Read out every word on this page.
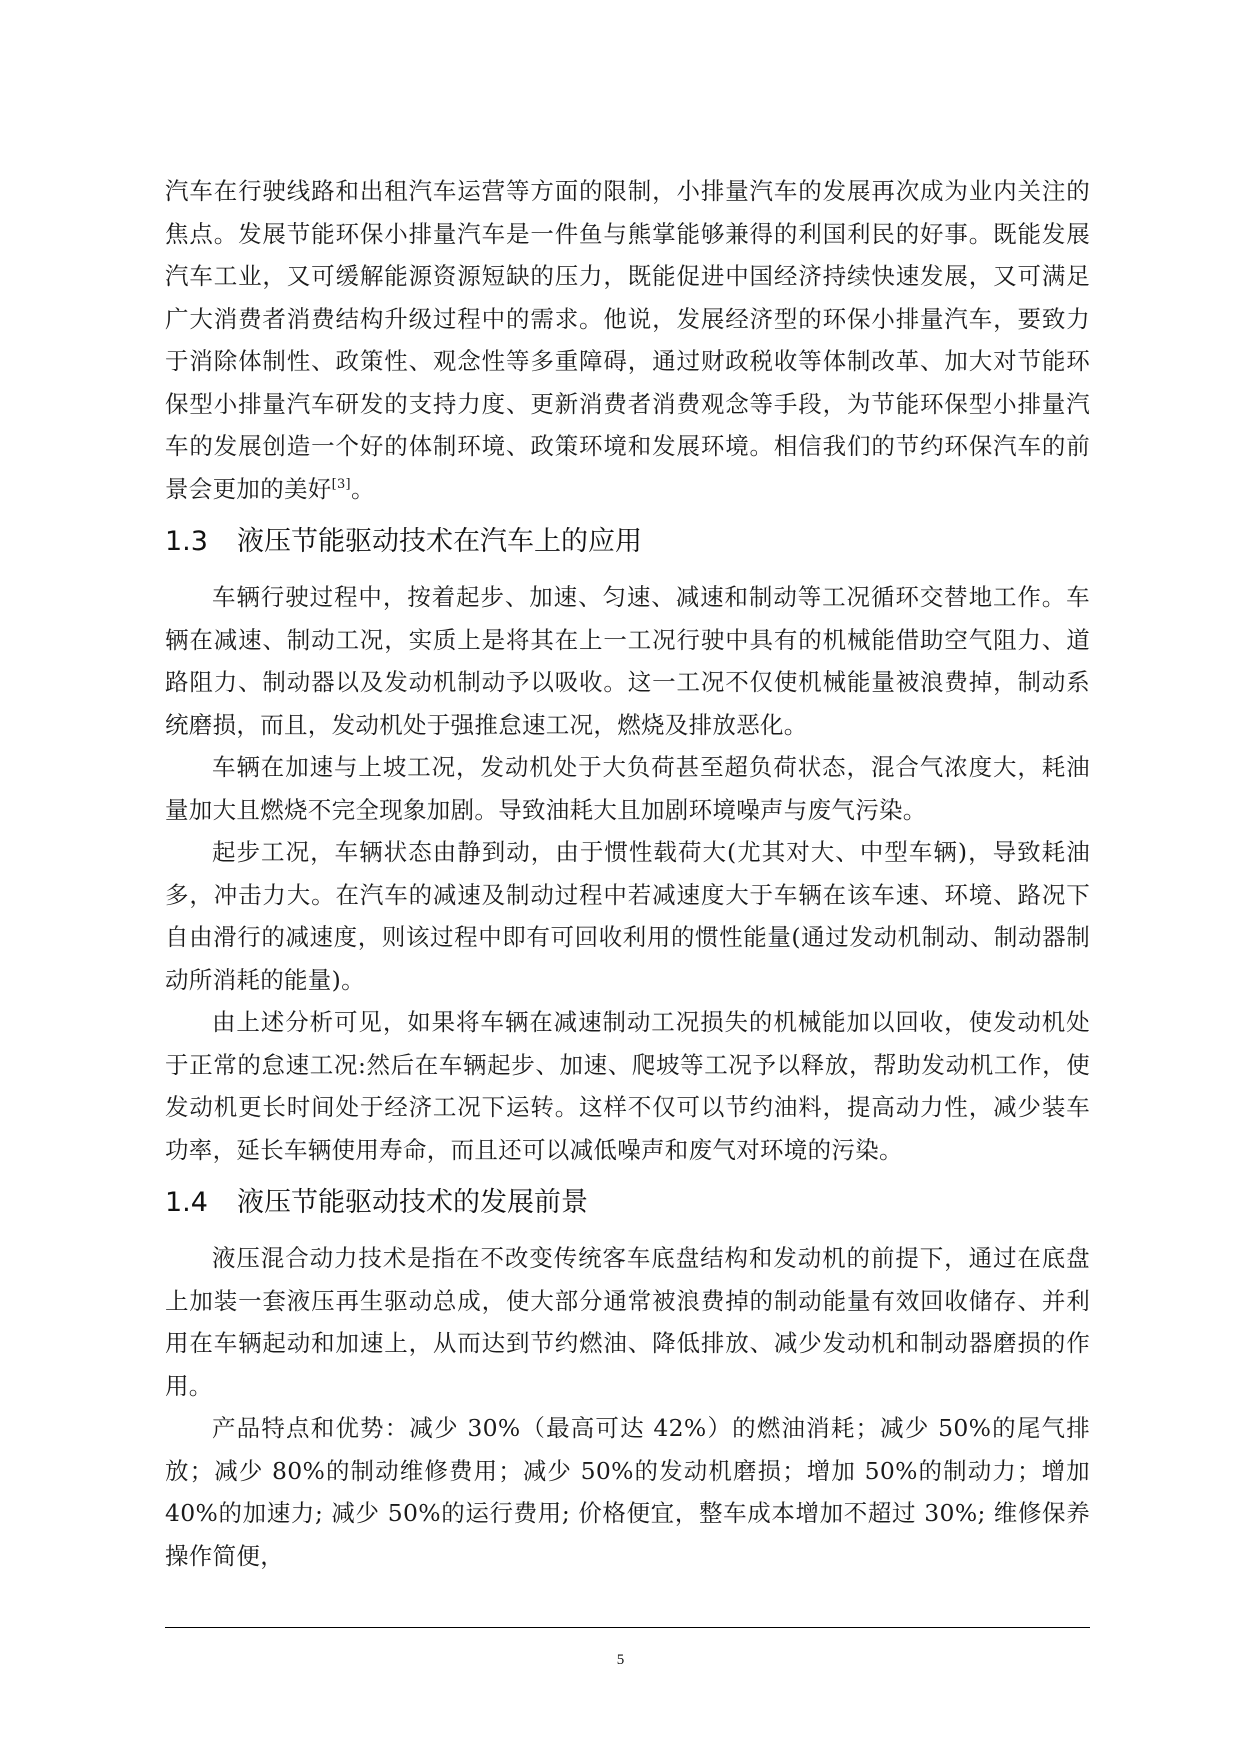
汽车在行驶线路和出租汽车运营等方面的限制，小排量汽车的发展再次成为业内关注的焦点。发展节能环保小排量汽车是一件鱼与熊掌能够兼得的利国利民的好事。既能发展汽车工业，又可缓解能源资源短缺的压力，既能促进中国经济持续快速发展，又可满足广大消费者消费结构升级过程中的需求。他说，发展经济型的环保小排量汽车，要致力于消除体制性、政策性、观念性等多重障碍，通过财政税收等体制改革、加大对节能环保型小排量汽车研发的支持力度、更新消费者消费观念等手段，为节能环保型小排量汽车的发展创造一个好的体制环境、政策环境和发展环境。相信我们的节约环保汽车的前景会更加的美好[3]。

1.3 液压节能驱动技术在汽车上的应用

车辆行驶过程中，按着起步、加速、匀速、减速和制动等工况循环交替地工作。车辆在减速、制动工况，实质上是将其在上一工况行驶中具有的机械能借助空气阻力、道路阻力、制动器以及发动机制动予以吸收。这一工况不仅使机械能量被浪费掉，制动系统磨损，而且，发动机处于强推怠速工况，燃烧及排放恶化。

车辆在加速与上坡工况，发动机处于大负荷甚至超负荷状态，混合气浓度大，耗油量加大且燃烧不完全现象加剧。导致油耗大且加剧环境噪声与废气污染。

起步工况，车辆状态由静到动，由于惯性载荷大(尤其对大、中型车辆)，导致耗油多，冲击力大。在汽车的减速及制动过程中若减速度大于车辆在该车速、环境、路况下自由滑行的减速度，则该过程中即有可回收利用的惯性能量(通过发动机制动、制动器制动所消耗的能量)。

由上述分析可见，如果将车辆在减速制动工况损失的机械能加以回收，使发动机处于正常的怠速工况:然后在车辆起步、加速、爬坡等工况予以释放，帮助发动机工作，使发动机更长时间处于经济工况下运转。这样不仅可以节约油料，提高动力性，减少装车功率，延长车辆使用寿命，而且还可以减低噪声和废气对环境的污染。

1.4 液压节能驱动技术的发展前景

液压混合动力技术是指在不改变传统客车底盘结构和发动机的前提下，通过在底盘上加装一套液压再生驱动总成，使大部分通常被浪费掉的制动能量有效回收储存、并利用在车辆起动和加速上，从而达到节约燃油、降低排放、减少发动机和制动器磨损的作用。

产品特点和优势：减少 30%（最高可达 42%）的燃油消耗；减少 50%的尾气排放；减少 80%的制动维修费用；减少 50%的发动机磨损；增加 50%的制动力；增加 40%的加速力; 减少 50%的运行费用; 价格便宜，整车成本增加不超过 30%; 维修保养操作简便，

5
